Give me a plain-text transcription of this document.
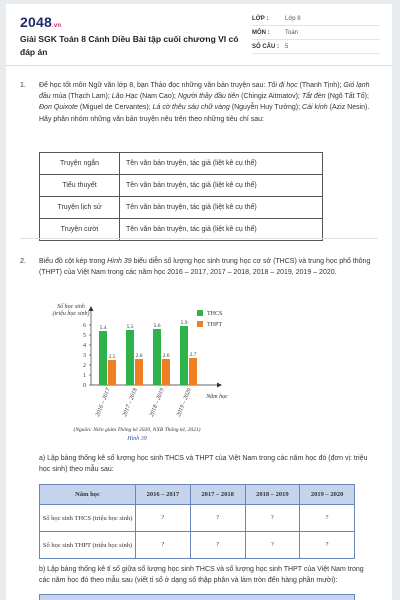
2048.vn
Giải SGK Toán 8 Cánh Diều Bài tập cuối chương VI có đáp án
LỚP :	Lớp 8
MÔN :	Toán
SỐ CÂU :	5
1. Để học tốt môn Ngữ văn lớp 8, bạn Thảo đọc những văn bản truyện sau: Tôi đi học (Thanh Tịnh); Gió lạnh đầu mùa (Thạch Lam); Lão Hạc (Nam Cao); Người thầy đầu tiên (Chingiz Aitmatov); Tắt đèn (Ngô Tất Tố); Đon Quixote (Miguel de Cervantes); Lá cờ thêu sáu chữ vàng (Nguyễn Huy Tưởng); Cái kính (Aziz Nesin).
Hãy phân nhóm những văn bản truyện nêu trên theo những tiêu chí sau:
Truyện ngắn	Tên văn bản truyện, tác giả (liệt kê cụ thể)
Tiểu thuyết	Tên văn bản truyện, tác giả (liệt kê cụ thể)
Truyện lịch sử	Tên văn bản truyện, tác giả (liệt kê cụ thể)
Truyện cười	Tên văn bản truyện, tác giả (liệt kê cụ thể)
2. Biểu đồ cột kép trong Hình 39 biểu diễn số lượng học sinh trung học cơ sở (THCS) và trung học phổ thông (THPT) của Việt Nam trong các năm học 2016 – 2017, 2017 – 2018, 2018 – 2019, 2019 – 2020.
Số học sinh
(triệu học sinh)
0
1
2
3
4
5
6 5.4
2.5
2016 – 2017
5.5
2.6
2017 – 2018
5.6
2.6
2018 – 2019
5.9
2.7
2019 – 2020 Năm học
THCS
THPT
(Nguồn: Niên giám Thống kê 2020, NXB Thống kê, 2021)
Hình 39
a) Lập bảng thống kê số lượng học sinh THCS và THPT của Việt Nam trong các năm học đó (đơn vị: triệu học sinh) theo mẫu sau:
Năm học	2016 – 2017	2017 – 2018	2018 – 2019	2019 – 2020
Số học sinh THCS (triệu học sinh)	?	?	?	?
Số học sinh THPT (triệu học sinh)	?	?	?	?
b) Lập bảng thống kê tỉ số giữa số lượng học sinh THCS và số lượng học sinh THPT của Việt Nam trong các năm học đó theo mẫu sau (viết tỉ số ở dạng số thập phân và làm tròn đến hàng phần mười):
